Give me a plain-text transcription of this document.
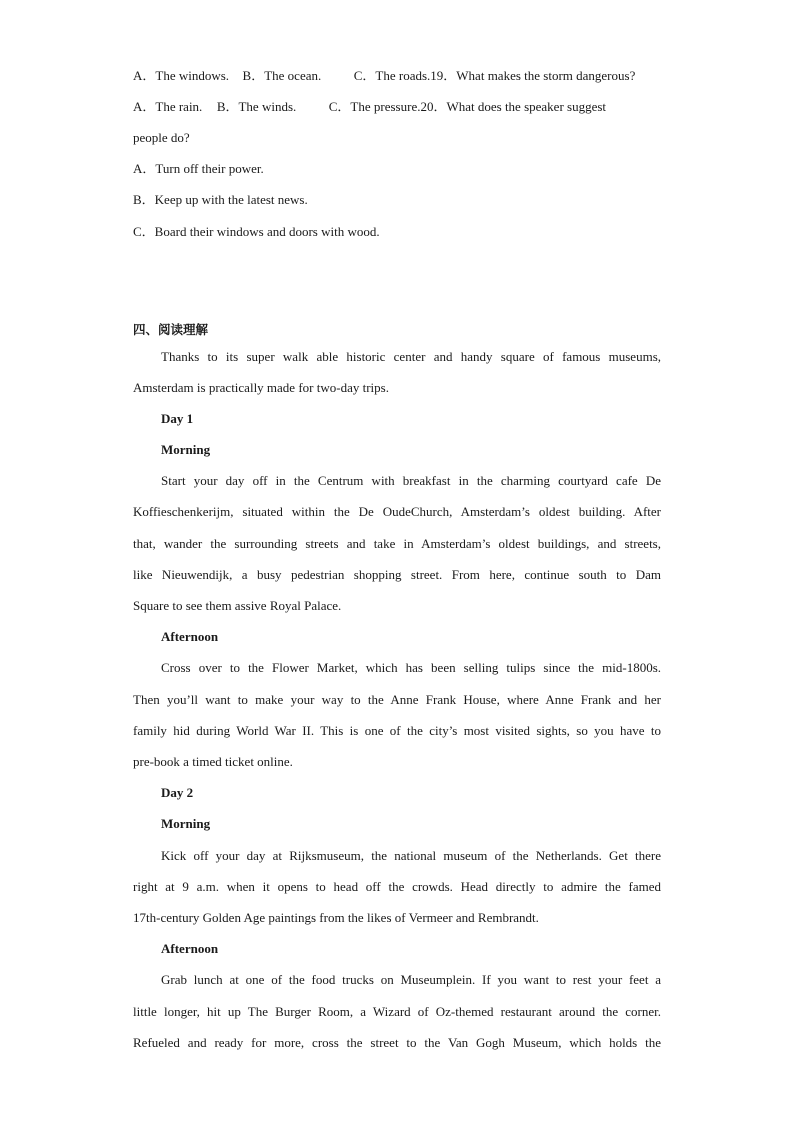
A．The windows. B．The ocean.	C．The roads.19．What makes the storm dangerous?
A．The rain. B．The winds.	C．The pressure.20．What does the speaker suggest
people do?
A．Turn off their power.
B．Keep up with the latest news.
C．Board their windows and doors with wood.
四、阅读理解
Thanks to its super walk able historic center and handy square of famous museums,
Amsterdam is practically made for two-day trips.
Day 1
Morning
Start your day off in the Centrum with breakfast in the charming courtyard cafe De
Koffieschenkerijm, situated within the De OudeChurch, Amsterdam’s oldest building. After
that, wander the surrounding streets and take in Amsterdam’s oldest buildings, and streets,
like Nieuwendijk, a busy pedestrian shopping street. From here, continue south to Dam
Square to see them assive Royal Palace.
Afternoon
Cross over to the Flower Market, which has been selling tulips since the mid-1800s.
Then you’ll want to make your way to the Anne Frank House, where Anne Frank and her
family hid during World War II. This is one of the city’s most visited sights, so you have to
pre-book a timed ticket online.
Day 2
Morning
Kick off your day at Rijksmuseum, the national museum of the Netherlands. Get there
right at 9 a.m. when it opens to head off the crowds. Head directly to admire the famed
17th-century Golden Age paintings from the likes of Vermeer and Rembrandt.
Afternoon
Grab lunch at one of the food trucks on Museumplein. If you want to rest your feet a
little longer, hit up The Burger Room, a Wizard of Oz-themed restaurant around the corner.
Refueled and ready for more, cross the street to the Van Gogh Museum, which holds the
